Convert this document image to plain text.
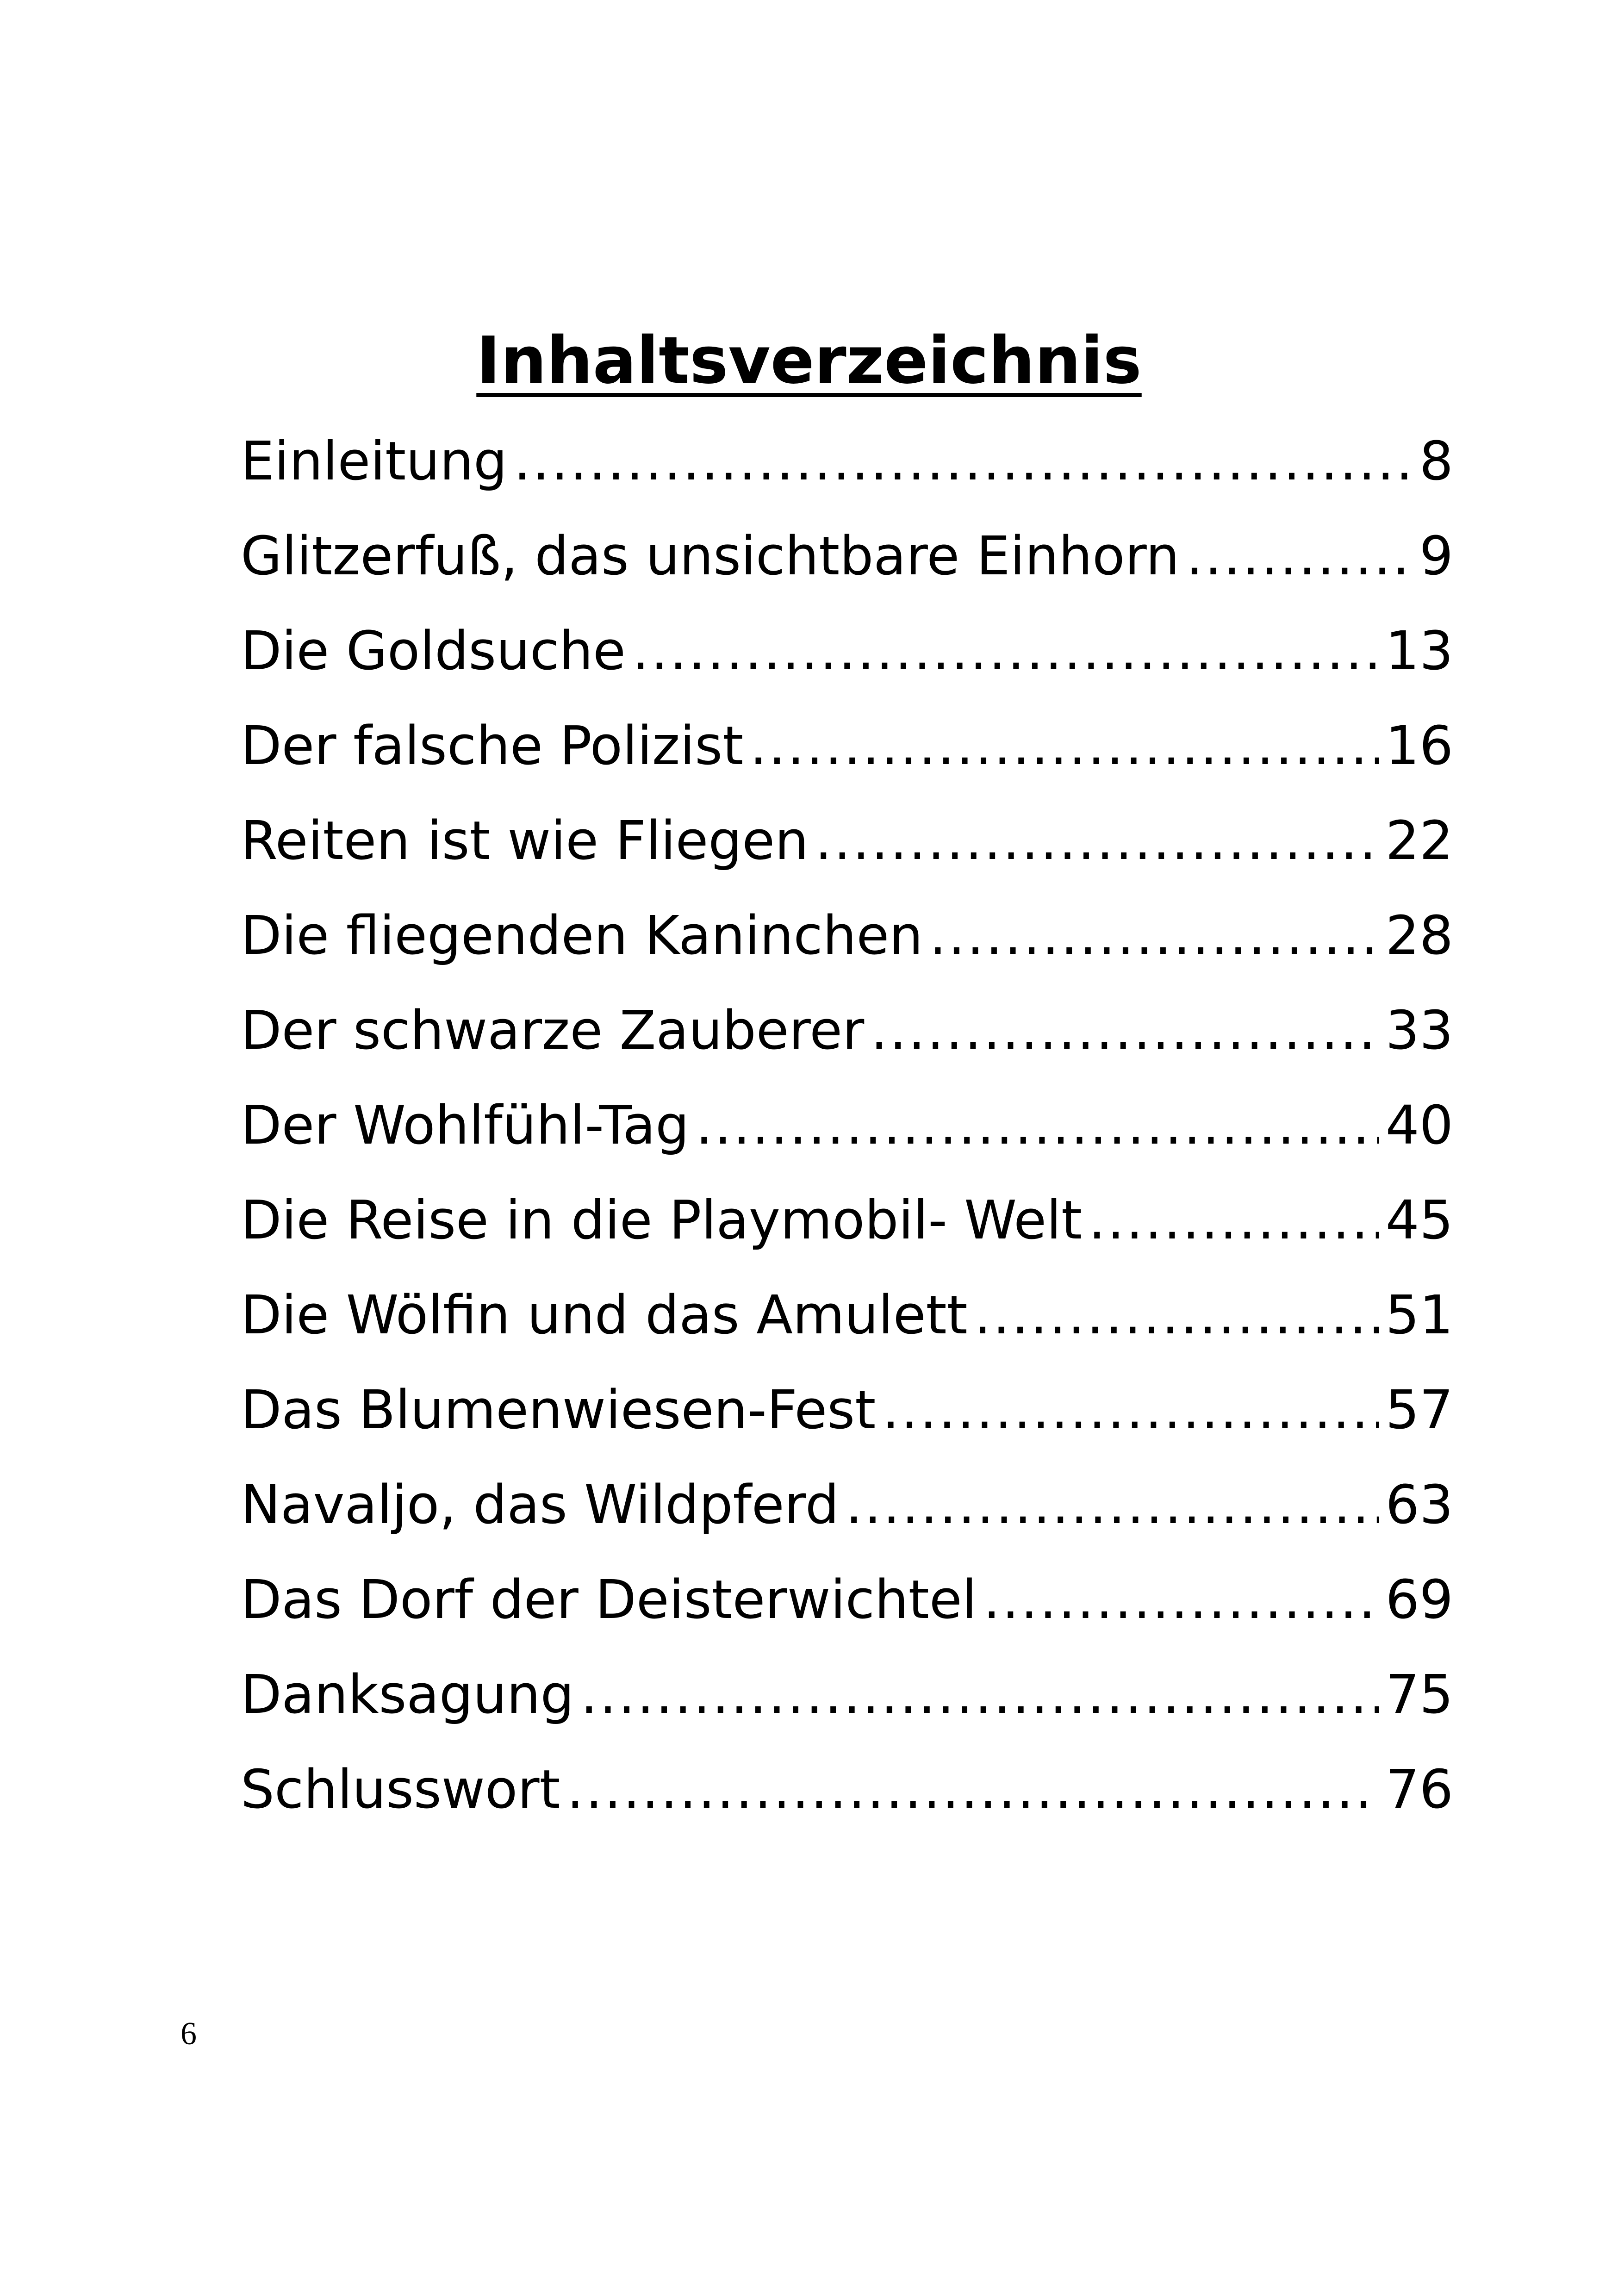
Inhaltsverzeichnis
Einleitung .....	8
Glitzerfuß, das unsichtbare Einhorn .....	9
Die Goldsuche .....	13
Der falsche Polizist .....	16
Reiten ist wie Fliegen .....	22
Die fliegenden Kaninchen .....	28
Der schwarze Zauberer .....	33
Der Wohlfühl-Tag .....	40
Die Reise in die Playmobil- Welt .....	45
Die Wölfin und das Amulett .....	51
Das Blumenwiesen-Fest .....	57
Navaljo, das Wildpferd .....	63
Das Dorf der Deisterwichtel .....	69
Danksagung .....	75
Schlusswort .....	76
6
